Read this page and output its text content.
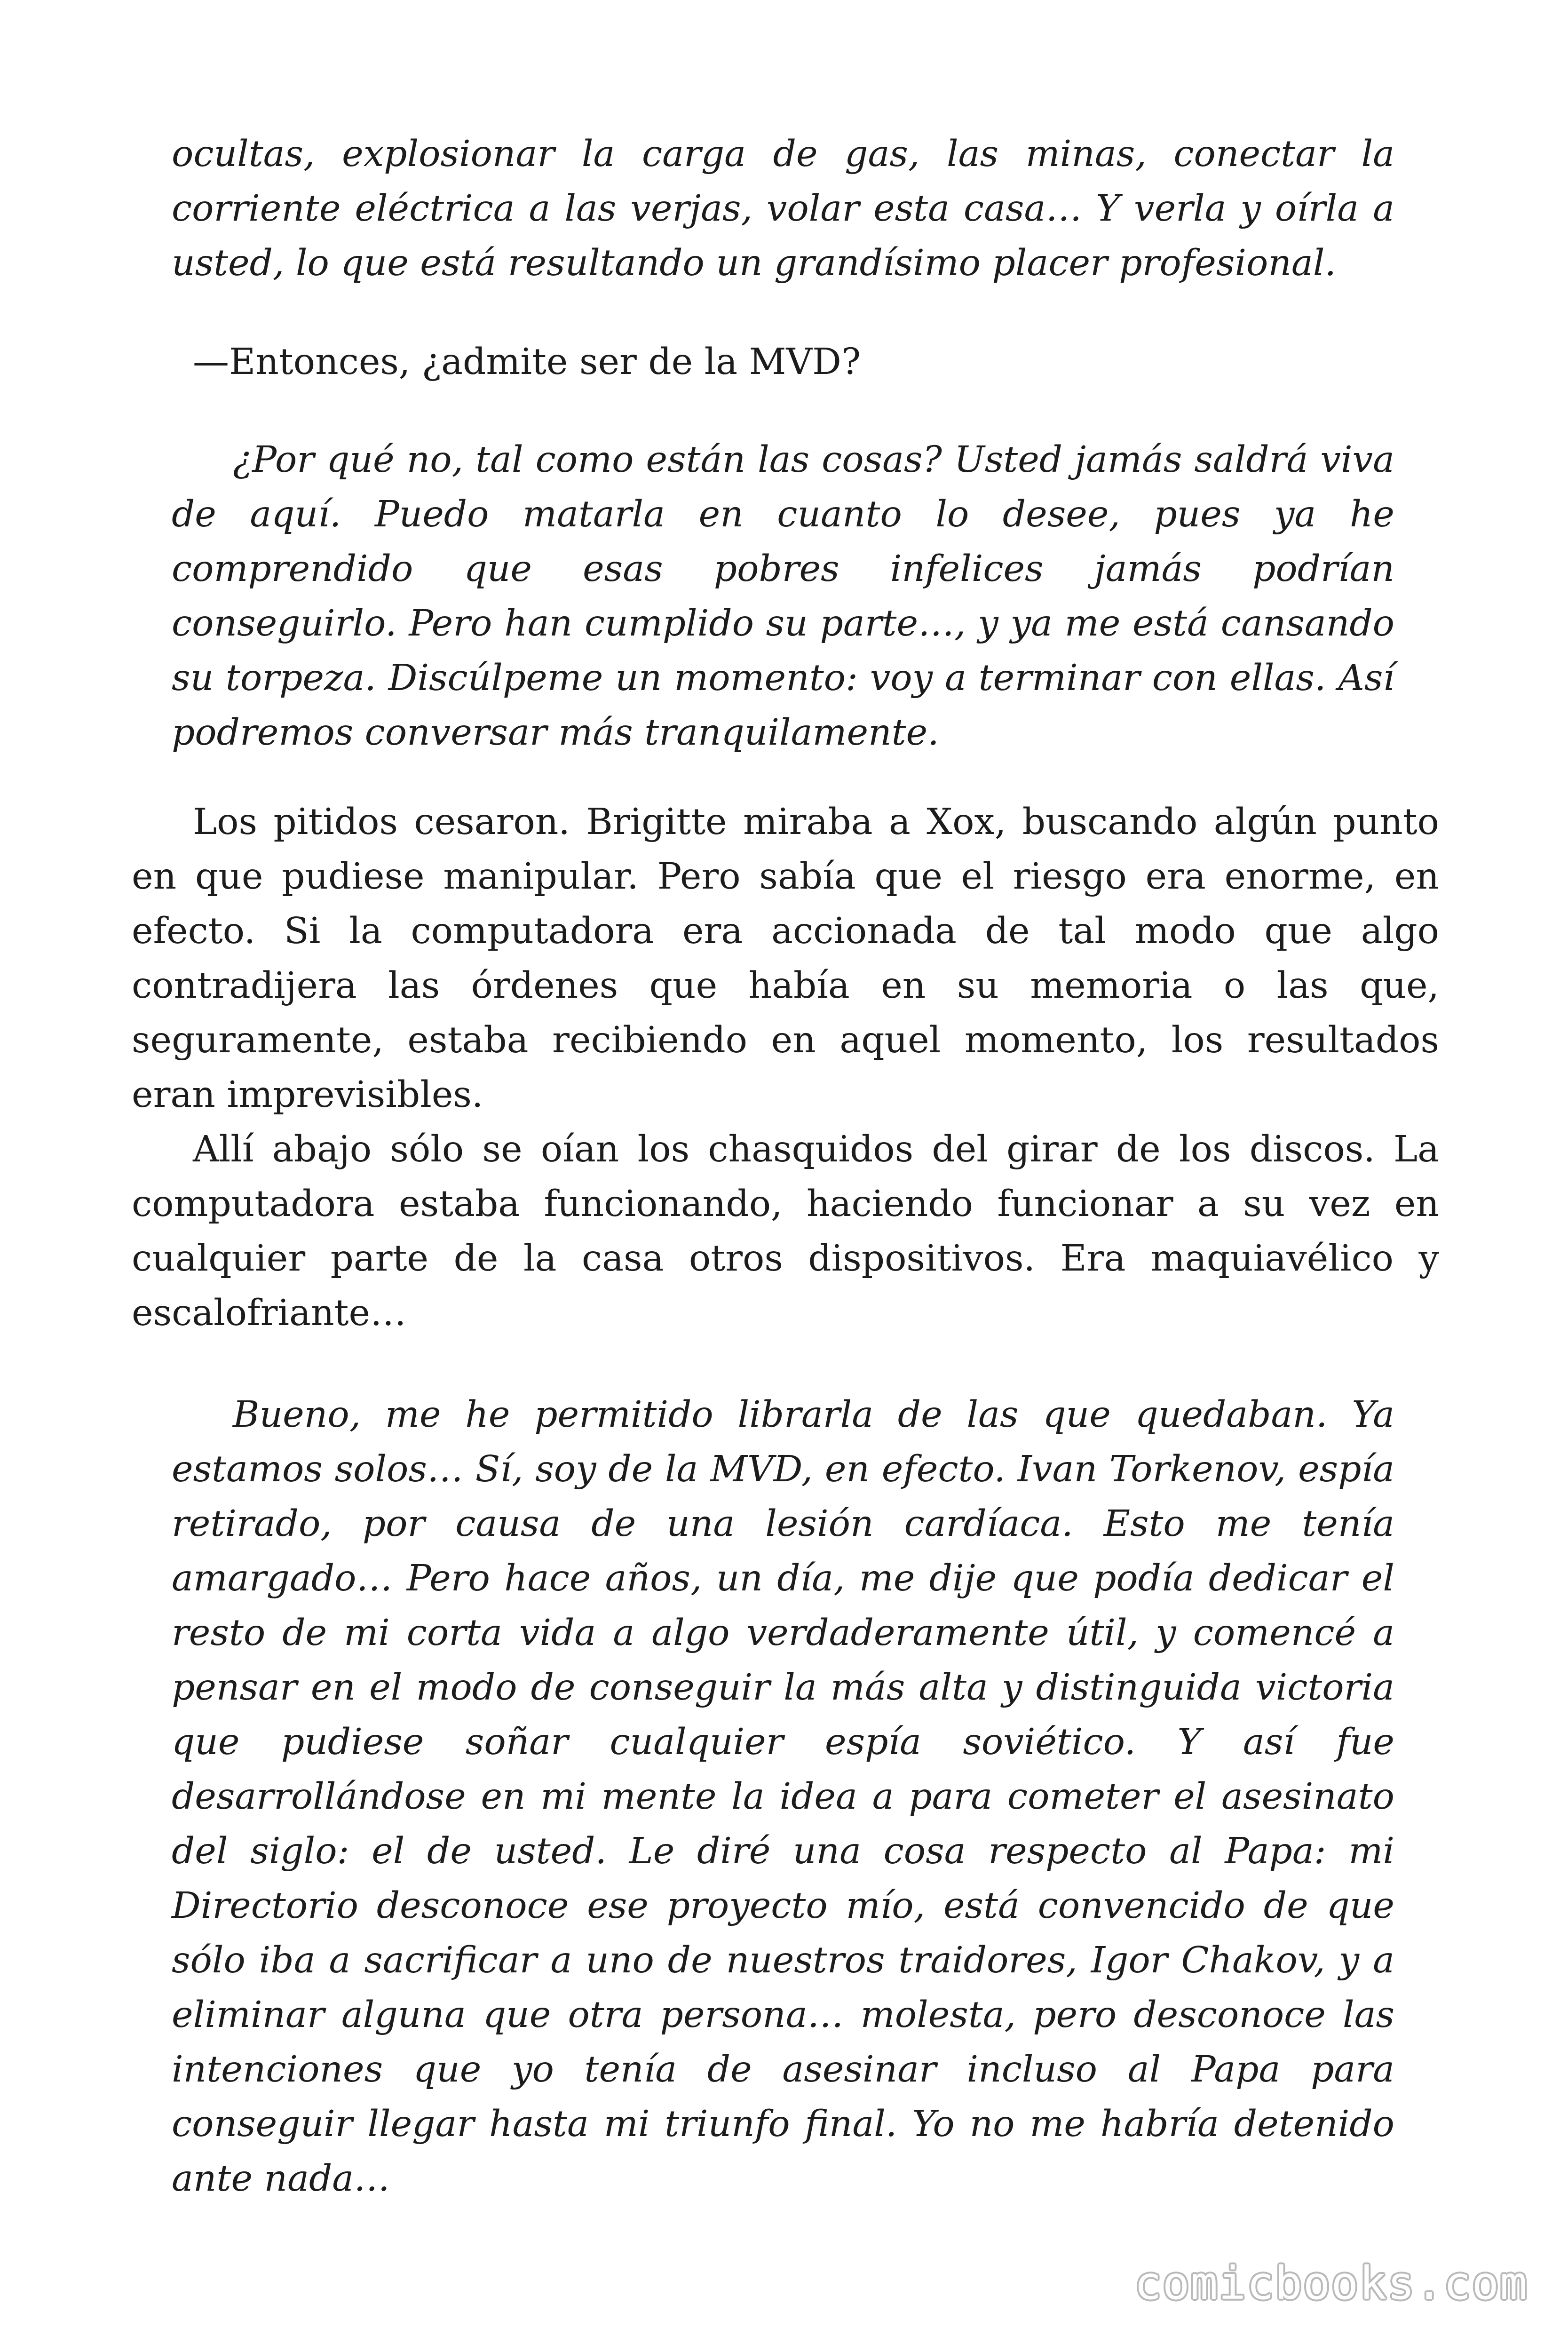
ocultas, explosionar la carga de gas, las minas, conectar la corriente eléctrica a las verjas, volar esta casa… Y verla y oírla a usted, lo que está resultando un grandísimo placer profesional.

—Entonces, ¿admite ser de la MVD?

¿Por qué no, tal como están las cosas? Usted jamás saldrá viva de aquí. Puedo matarla en cuanto lo desee, pues ya he comprendido que esas pobres infelices jamás podrían conseguirlo. Pero han cumplido su parte…, y ya me está cansando su torpeza. Discúlpeme un momento: voy a terminar con ellas. Así podremos conversar más tranquilamente.

Los pitidos cesaron. Brigitte miraba a Xox, buscando algún punto en que pudiese manipular. Pero sabía que el riesgo era enorme, en efecto. Si la computadora era accionada de tal modo que algo contradijera las órdenes que había en su memoria o las que, seguramente, estaba recibiendo en aquel momento, los resultados eran imprevisibles.

Allí abajo sólo se oían los chasquidos del girar de los discos. La computadora estaba funcionando, haciendo funcionar a su vez en cualquier parte de la casa otros dispositivos. Era maquiavélico y escalofriante…

Bueno, me he permitido librarla de las que quedaban. Ya estamos solos… Sí, soy de la MVD, en efecto. Ivan Torkenov, espía retirado, por causa de una lesión cardíaca. Esto me tenía amargado… Pero hace años, un día, me dije que podía dedicar el resto de mi corta vida a algo verdaderamente útil, y comencé a pensar en el modo de conseguir la más alta y distinguida victoria que pudiese soñar cualquier espía soviético. Y así fue desarrollándose en mi mente la idea a para cometer el asesinato del siglo: el de usted. Le diré una cosa respecto al Papa: mi Directorio desconoce ese proyecto mío, está convencido de que sólo iba a sacrificar a uno de nuestros traidores, Igor Chakov, y a eliminar alguna que otra persona… molesta, pero desconoce las intenciones que yo tenía de asesinar incluso al Papa para conseguir llegar hasta mi triunfo final. Yo no me habría detenido ante nada…

comicbooks.com
